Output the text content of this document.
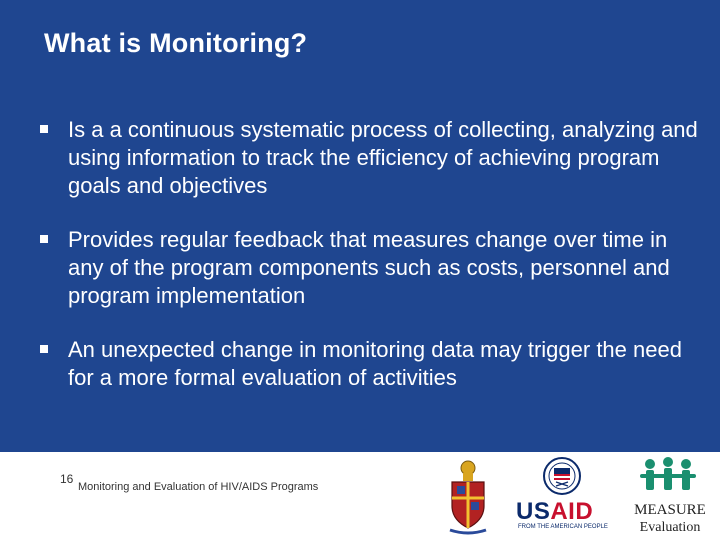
What is Monitoring?
Is a a continuous systematic process of collecting, analyzing and using information to track the efficiency of achieving program goals and objectives
Provides regular feedback that measures change over time in any of the program components such as costs, personnel and program implementation
An unexpected change in monitoring data may trigger the need for a more formal evaluation of activities
16
Monitoring and Evaluation of HIV/AIDS Programs
USAID
FROM THE AMERICAN PEOPLE
MEASURE
Evaluation
